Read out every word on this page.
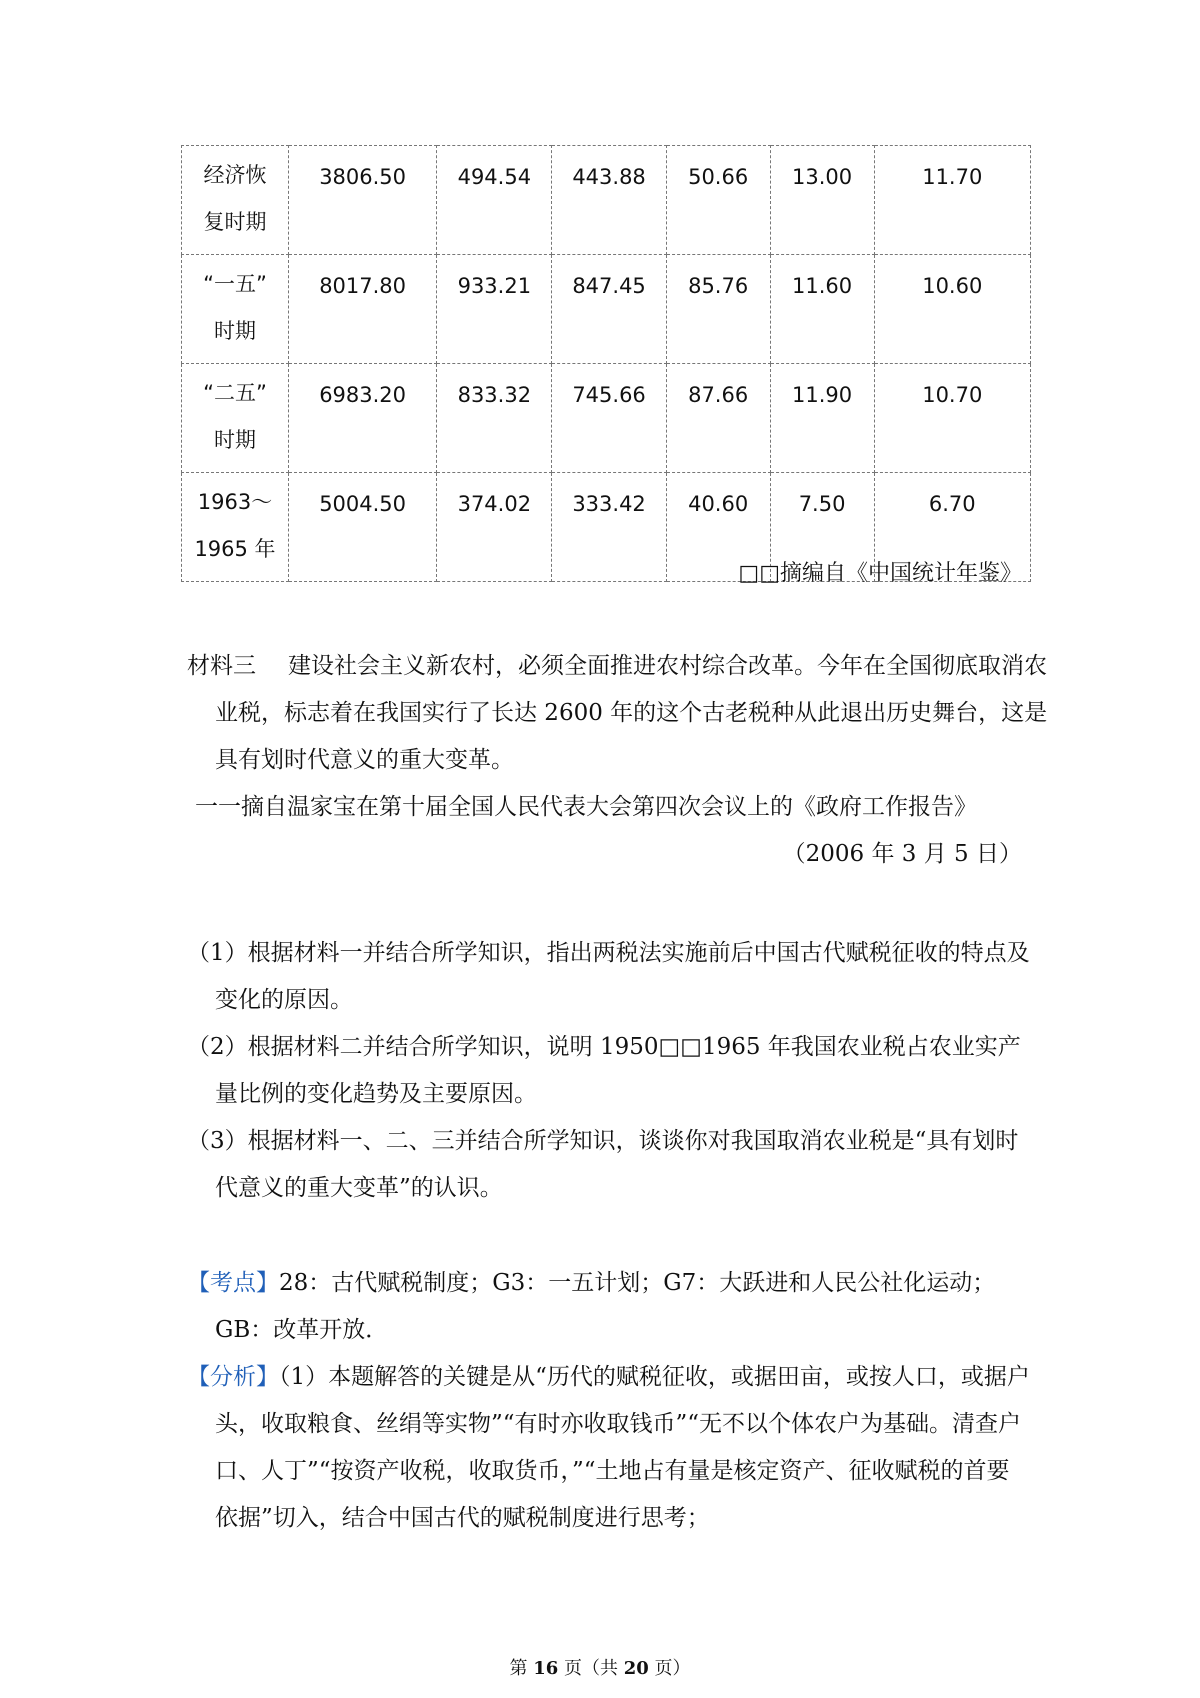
经济恢
复时期	3806.50	494.54	443.88	50.66	13.00	11.70

“一五”
时期	8017.80	933.21	847.45	85.76	11.60	10.60

“二五”
时期	6983.20	833.32	745.66	87.66	11.90	10.70

1963～
1965 年	5004.50	374.02	333.42	40.60	7.50	6.70
□□摘编自《中国统计年鉴》
材料三 建设社会主义新农村，必须全面推进农村综合改革。今年在全国彻底取消农业税，标志着在我国实行了长达 2600 年的这个古老税种从此退出历史舞台，这是具有划时代意义的重大变革。
一一摘自温家宝在第十届全国人民代表大会第四次会议上的《政府工作报告》
（2006 年 3 月 5 日）

（1）根据材料一并结合所学知识，指出两税法实施前后中国古代赋税征收的特点及变化的原因。

（2）根据材料二并结合所学知识，说明 1950□□1965 年我国农业税占农业实产量比例的变化趋势及主要原因。

（3）根据材料一、二、三并结合所学知识，谈谈你对我国取消农业税是“具有划时代意义的重大变革”的认识。

【考点】28：古代赋税制度；G3：一五计划；G7：大跃进和人民公社化运动；GB：改革开放．

【分析】（1）本题解答的关键是从“历代的赋税征收，或据田亩，或按人口，或据户头，收取粮食、丝绢等实物”“有时亦收取钱币”“无不以个体农户为基础。清查户口、人丁”“按资产收税，收取货币，”“土地占有量是核定资产、征收赋税的首要依据”切入，结合中国古代的赋税制度进行思考；

第 16 页（共 20 页）
